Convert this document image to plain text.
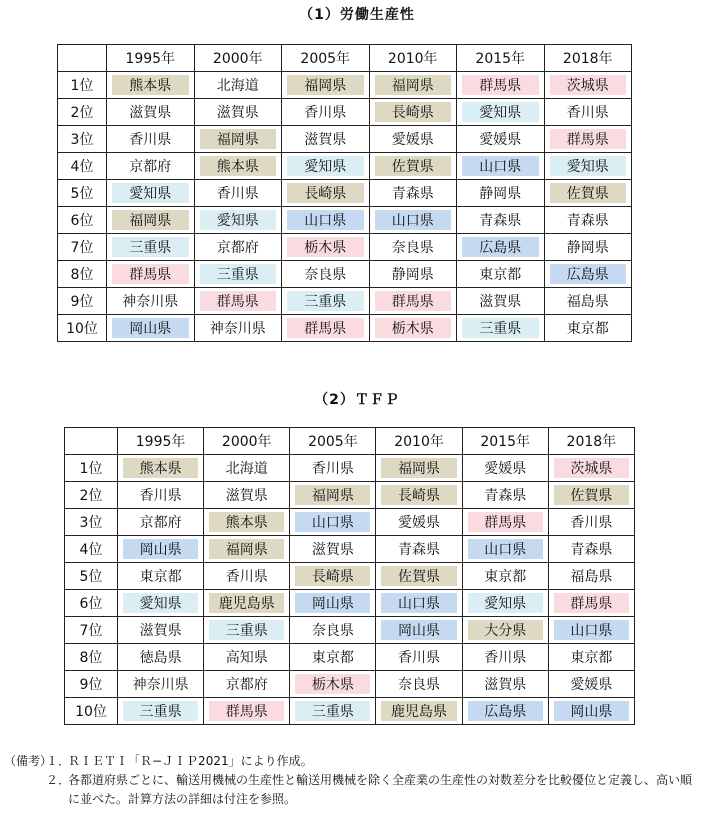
（1）労働生産性
	1995年	2000年	2005年	2010年	2015年	2018年
1位	熊本県	北海道	福岡県	福岡県	群馬県	茨城県
2位	滋賀県	滋賀県	香川県	長崎県	愛知県	香川県
3位	香川県	福岡県	滋賀県	愛媛県	愛媛県	群馬県
4位	京都府	熊本県	愛知県	佐賀県	山口県	愛知県
5位	愛知県	香川県	長崎県	青森県	静岡県	佐賀県
6位	福岡県	愛知県	山口県	山口県	青森県	青森県
7位	三重県	京都府	栃木県	奈良県	広島県	静岡県
8位	群馬県	三重県	奈良県	静岡県	東京都	広島県
9位	神奈川県	群馬県	三重県	群馬県	滋賀県	福島県
10位	岡山県	神奈川県	群馬県	栃木県	三重県	東京都
（2）ＴＦＰ
	1995年	2000年	2005年	2010年	2015年	2018年
1位	熊本県	北海道	香川県	福岡県	愛媛県	茨城県
2位	香川県	滋賀県	福岡県	長崎県	青森県	佐賀県
3位	京都府	熊本県	山口県	愛媛県	群馬県	香川県
4位	岡山県	福岡県	滋賀県	青森県	山口県	青森県
5位	東京都	香川県	長崎県	佐賀県	東京都	福島県
6位	愛知県	鹿児島県	岡山県	山口県	愛知県	群馬県
7位	滋賀県	三重県	奈良県	岡山県	大分県	山口県
8位	徳島県	高知県	東京都	香川県	香川県	東京都
9位	神奈川県	京都府	栃木県	奈良県	滋賀県	愛媛県
10位	三重県	群馬県	三重県	鹿児島県	広島県	岡山県
（備考）１．ＲＩＥＴＩ「Ｒ−ＪＩＰ2021」により作成。
２．各都道府県ごとに、輸送用機械の生産性と輸送用機械を除く全産業の生産性の対数差分を比較優位と定義し、高い順
に並べた。計算方法の詳細は付注を参照。
